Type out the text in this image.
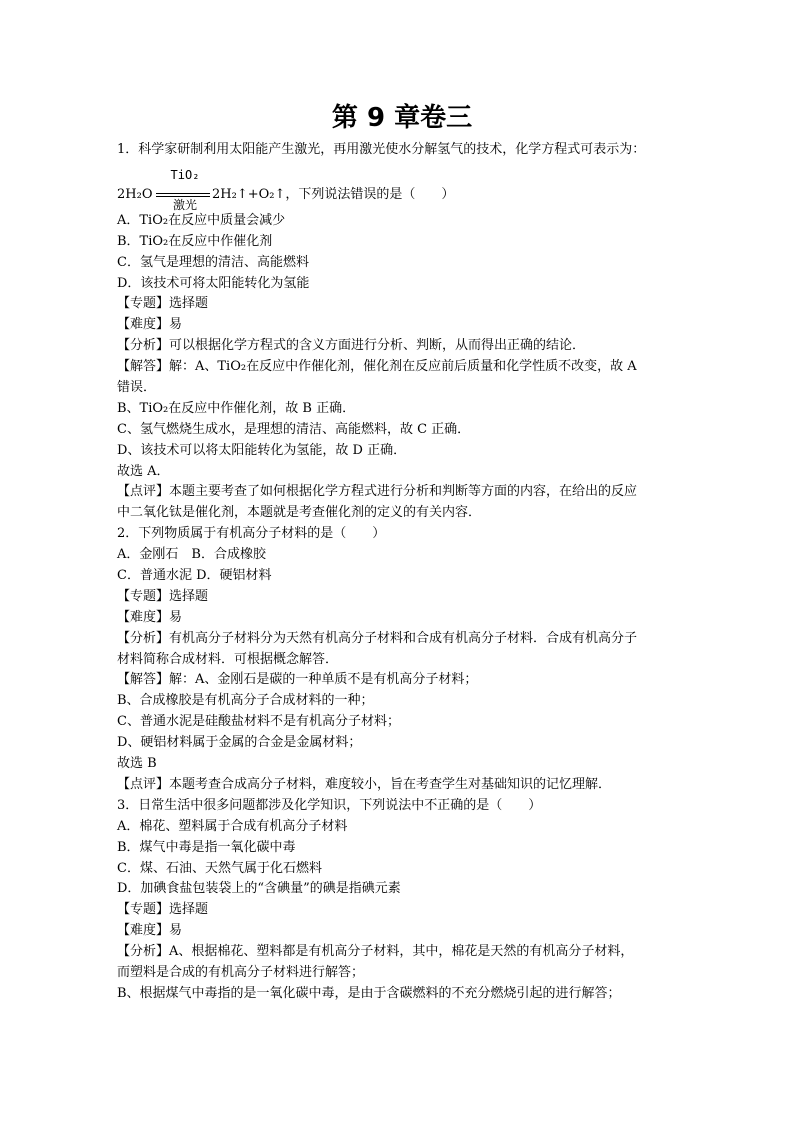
第 9 章卷三
1．科学家研制利用太阳能产生激光，再用激光使水分解氢气的技术，化学方程式可表示为：
2H₂O
TiO₂
激光
2H₂↑+O₂↑，下列说法错误的是（　　）
A．TiO₂在反应中质量会减少
B．TiO₂在反应中作催化剂
C．氢气是理想的清洁、高能燃料
D．该技术可将太阳能转化为氢能
【专题】选择题
【难度】易
【分析】可以根据化学方程式的含义方面进行分析、判断，从而得出正确的结论．
【解答】解：A、TiO₂在反应中作催化剂，催化剂在反应前后质量和化学性质不改变，故 A
错误．
B、TiO₂在反应中作催化剂，故 B 正确．
C、氢气燃烧生成水，是理想的清洁、高能燃料，故 C 正确．
D、该技术可以将太阳能转化为氢能，故 D 正确．
故选 A．
【点评】本题主要考查了如何根据化学方程式进行分析和判断等方面的内容，在给出的反应
中二氧化钛是催化剂，本题就是考查催化剂的定义的有关内容．
2．下列物质属于有机高分子材料的是（　　）
A．金刚石　B．合成橡胶
C．普通水泥 D．硬铝材料
【专题】选择题
【难度】易
【分析】有机高分子材料分为天然有机高分子材料和合成有机高分子材料．合成有机高分子
材料简称合成材料．可根据概念解答．
【解答】解：A、金刚石是碳的一种单质不是有机高分子材料；
B、合成橡胶是有机高分子合成材料的一种；
C、普通水泥是硅酸盐材料不是有机高分子材料；
D、硬铝材料属于金属的合金是金属材料；
故选 B
【点评】本题考查合成高分子材料，难度较小，旨在考查学生对基础知识的记忆理解．
3．日常生活中很多问题都涉及化学知识，下列说法中不正确的是（　　）
A．棉花、塑料属于合成有机高分子材料
B．煤气中毒是指一氧化碳中毒
C．煤、石油、天然气属于化石燃料
D．加碘食盐包装袋上的“含碘量”的碘是指碘元素
【专题】选择题
【难度】易
【分析】A、根据棉花、塑料都是有机高分子材料，其中，棉花是天然的有机高分子材料，
而塑料是合成的有机高分子材料进行解答；
B、根据煤气中毒指的是一氧化碳中毒，是由于含碳燃料的不充分燃烧引起的进行解答；
